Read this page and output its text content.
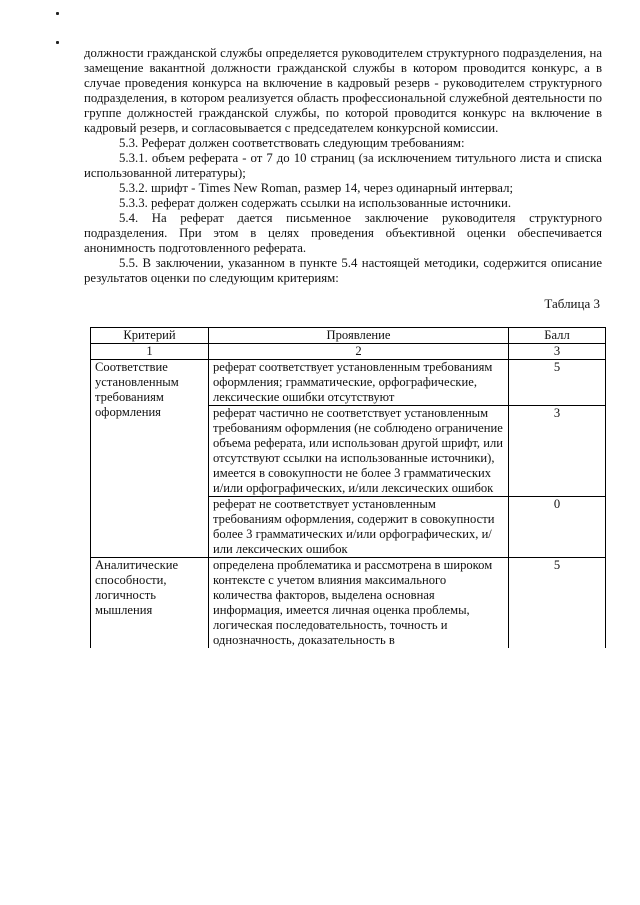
должности гражданской службы определяется руководителем структурного подразделения, на замещение вакантной должности гражданской службы в котором проводится конкурс, а в случае проведения конкурса на включение в кадровый резерв - руководителем структурного подразделения, в котором реализуется область профессиональной служебной деятельности по группе должностей гражданской службы, по которой проводится конкурс на включение в кадровый резерв, и согласовывается с председателем конкурсной комиссии.

5.3. Реферат должен соответствовать следующим требованиям:

5.3.1. объем реферата - от 7 до 10 страниц (за исключением титульного листа и списка использованной литературы);

5.3.2. шрифт - Times New Roman, размер 14, через одинарный интервал;

5.3.3. реферат должен содержать ссылки на использованные источники.

5.4. На реферат дается письменное заключение руководителя структурного подразделения. При этом в целях проведения объективной оценки обеспечивается анонимность подготовленного реферата.

5.5. В заключении, указанном в пункте 5.4 настоящей методики, содержится описание результатов оценки по следующим критериям:

Таблица 3
Критерий	Проявление	Балл
1	2	3
Соответствие установленным требованиям оформления	реферат соответствует установленным требованиям оформления; грамматические, орфографические, лексические ошибки отсутствуют	5
	реферат частично не соответствует установленным требованиям оформления (не соблюдено ограничение объема реферата, или использован другой шрифт, или отсутствуют ссылки на использованные источники), имеется в совокупности не более 3 грамматических и/или орфографических, и/или лексических ошибок	3
	реферат не соответствует установленным требованиям оформления, содержит в совокупности более 3 грамматических и/или орфографических, и/или лексических ошибок	0
Аналитические способности, логичность мышления	определена проблематика и рассмотрена в широком контексте с учетом влияния максимального количества факторов, выделена основная информация, имеется личная оценка проблемы, логическая последовательность, точность и однозначность, доказательность в	5
